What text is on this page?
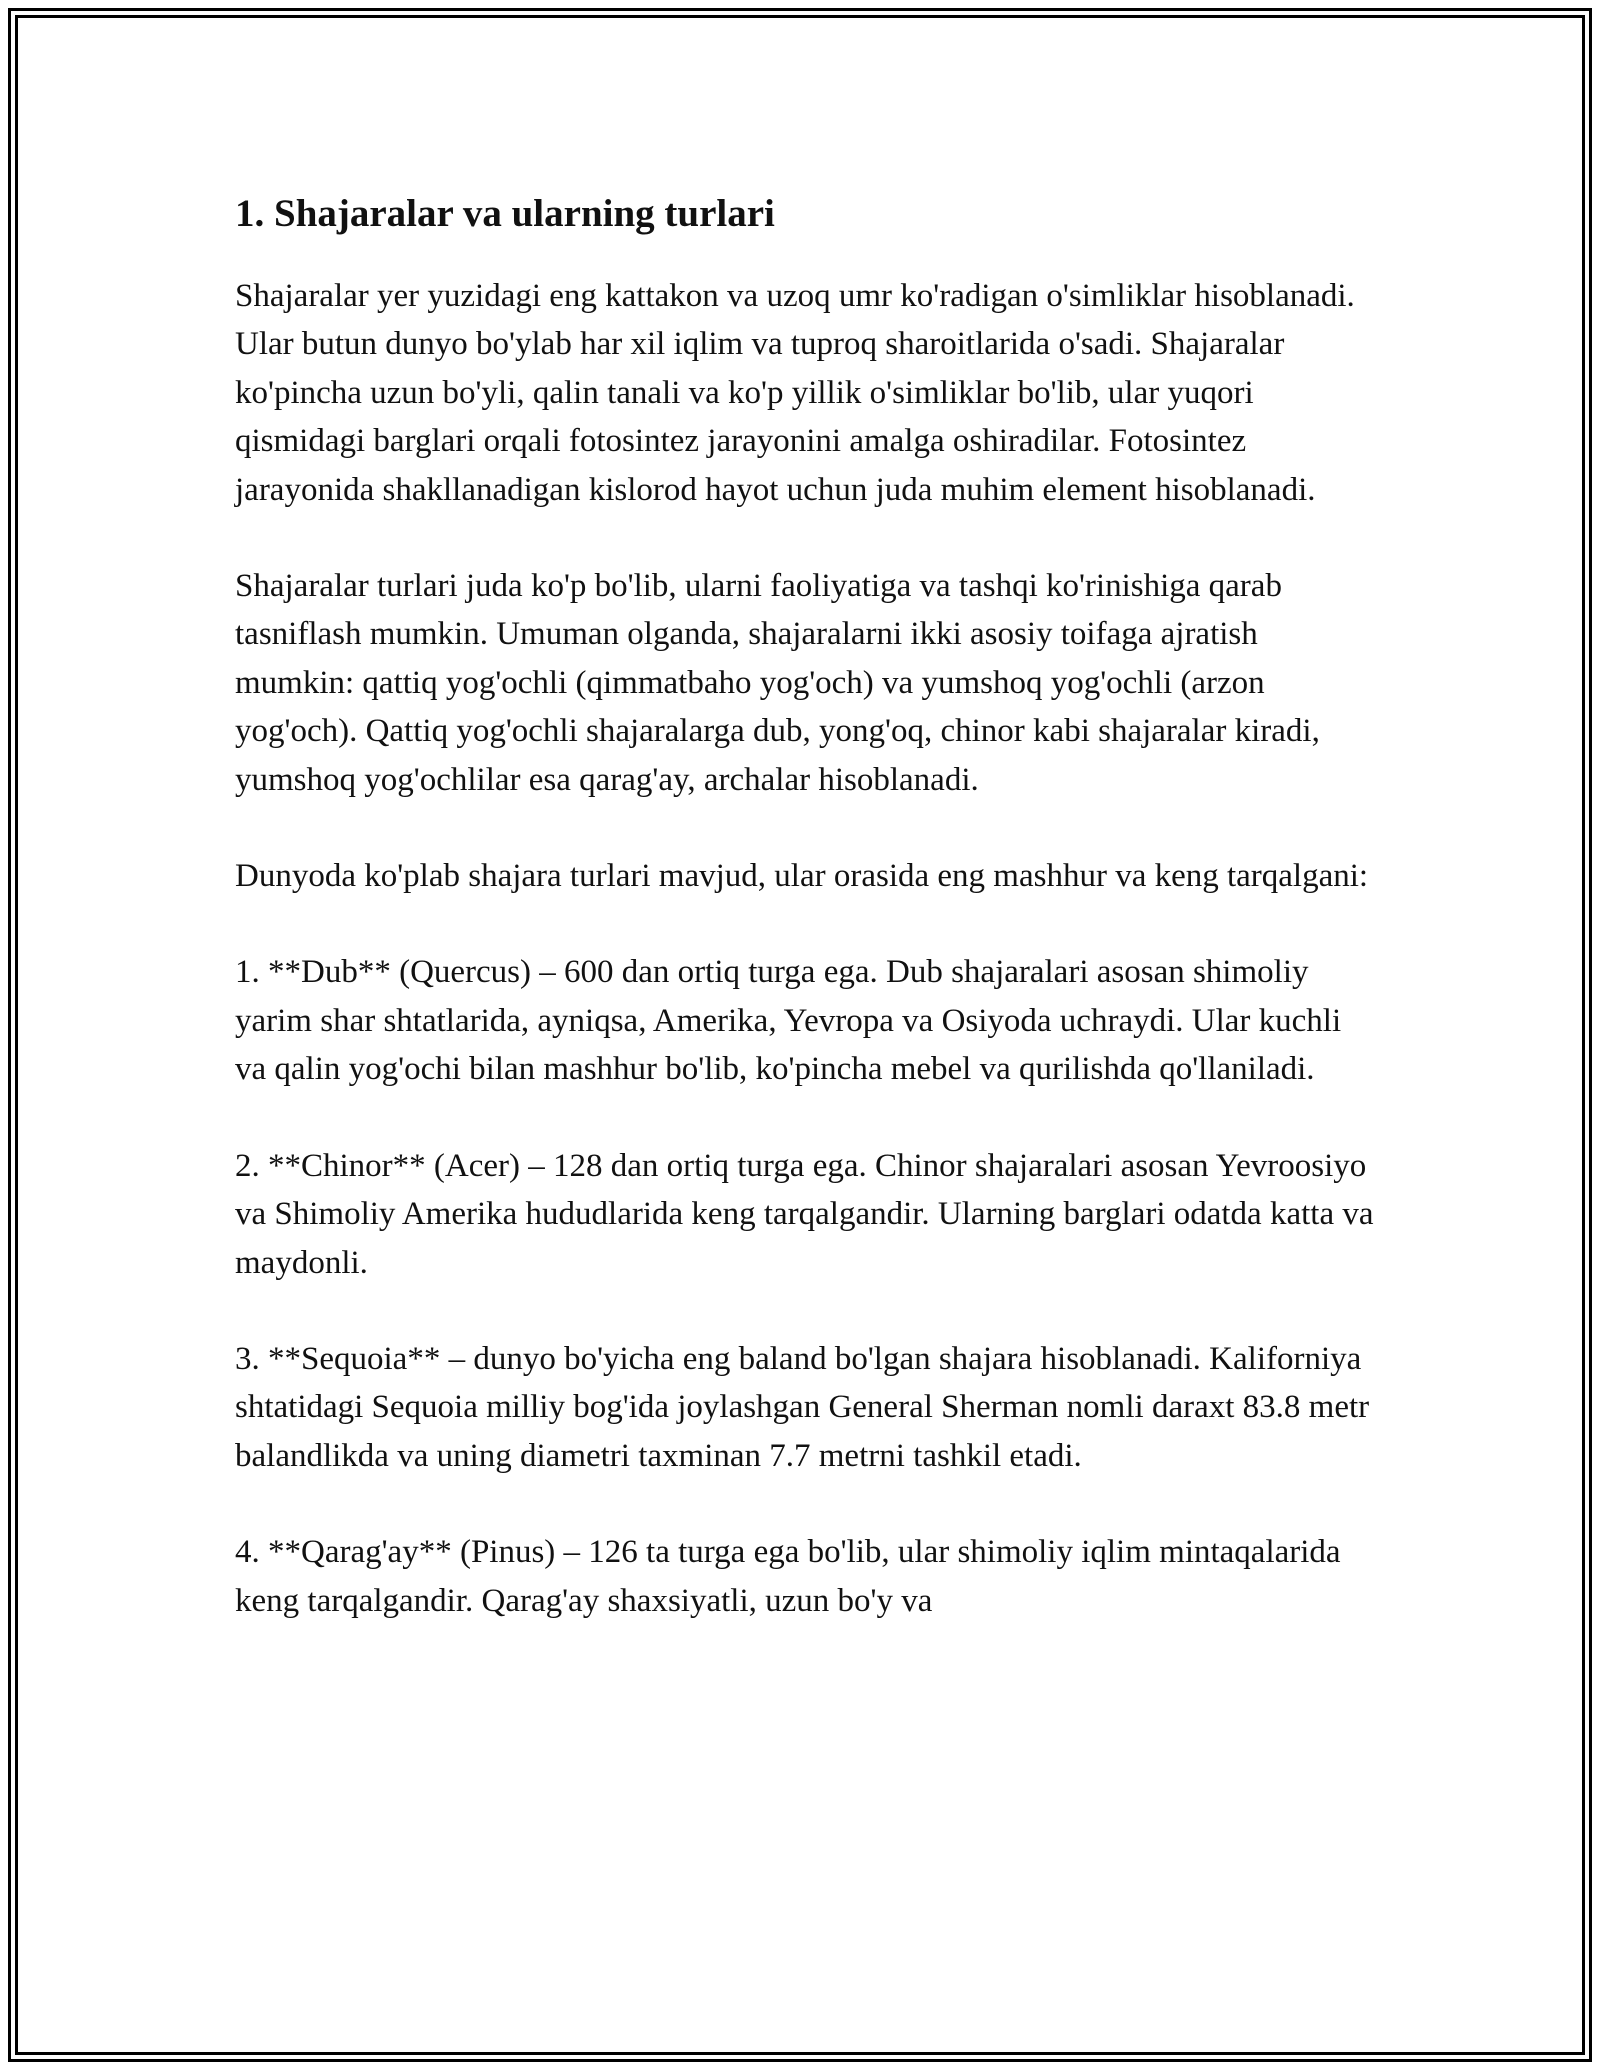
1. Shajaralar va ularning turlari

Shajaralar yer yuzidagi eng kattakon va uzoq umr ko'radigan o'simliklar hisoblanadi. Ular butun dunyo bo'ylab har xil iqlim va tuproq sharoitlarida o'sadi. Shajaralar ko'pincha uzun bo'yli, qalin tanali va ko'p yillik o'simliklar bo'lib, ular yuqori qismidagi barglari orqali fotosintez jarayonini amalga oshiradilar. Fotosintez jarayonida shakllanadigan kislorod hayot uchun juda muhim element hisoblanadi.

Shajaralar turlari juda ko'p bo'lib, ularni faoliyatiga va tashqi ko'rinishiga qarab tasniflash mumkin. Umuman olganda, shajaralarni ikki asosiy toifaga ajratish mumkin: qattiq yog'ochli (qimmatbaho yog'och) va yumshoq yog'ochli (arzon yog'och). Qattiq yog'ochli shajaralarga dub, yong'oq, chinor kabi shajaralar kiradi, yumshoq yog'ochlilar esa qarag'ay, archalar hisoblanadi.

Dunyoda ko'plab shajara turlari mavjud, ular orasida eng mashhur va keng tarqalgani:

1. **Dub** (Quercus) – 600 dan ortiq turga ega. Dub shajaralari asosan shimoliy yarim shar shtatlarida, ayniqsa, Amerika, Yevropa va Osiyoda uchraydi. Ular kuchli va qalin yog'ochi bilan mashhur bo'lib, ko'pincha mebel va qurilishda qo'llaniladi.

2. **Chinor** (Acer) – 128 dan ortiq turga ega. Chinor shajaralari asosan Yevroosiyo va Shimoliy Amerika hududlarida keng tarqalgandir. Ularning barglari odatda katta va maydonli.

3. **Sequoia** – dunyo bo'yicha eng baland bo'lgan shajara hisoblanadi. Kaliforniya shtatidagi Sequoia milliy bog'ida joylashgan General Sherman nomli daraxt 83.8 metr balandlikda va uning diametri taxminan 7.7 metrni tashkil etadi.

4. **Qarag'ay** (Pinus) – 126 ta turga ega bo'lib, ular shimoliy iqlim mintaqalarida keng tarqalgandir. Qarag'ay shaxsiyatli, uzun bo'y va
